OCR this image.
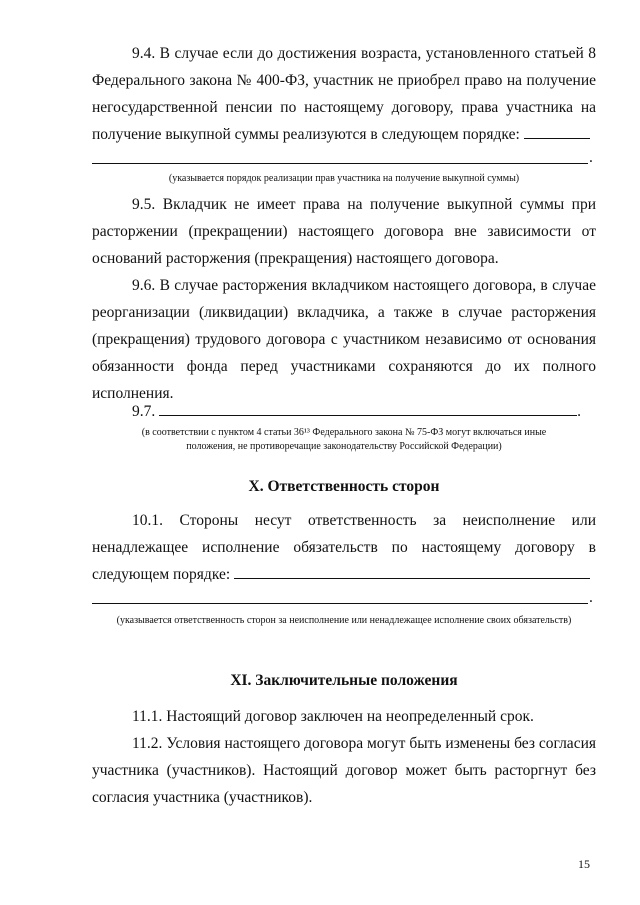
9.4. В случае если до достижения возраста, установленного статьей 8
Федерального закона № 400-ФЗ, участник не приобрел право на получение
негосударственной пенсии по настоящему договору, права участника на
получение выкупной суммы реализуются в следующем порядке:
.

(указывается порядок реализации прав участника на получение выкупной суммы)

9.5. Вкладчик не имеет права на получение выкупной суммы при
расторжении (прекращении) настоящего договора вне зависимости от
оснований расторжения (прекращения) настоящего договора.
9.6. В случае расторжения вкладчиком настоящего договора, в случае
реорганизации (ликвидации) вкладчика, а также в случае расторжения
(прекращения) трудового договора с участником независимо от основания
обязанности фонда перед участниками сохраняются до их полного
исполнения.
9.7.	.

(в соответствии с пунктом 4 статьи 36¹³ Федерального закона № 75-ФЗ могут включаться иные
положения, не противоречащие законодательству Российской Федерации)

X. Ответственность сторон

10.1. Стороны несут ответственность за неисполнение или
ненадлежащее исполнение обязательств по настоящему договору в
следующем порядке:
.

(указывается ответственность сторон за неисполнение или ненадлежащее исполнение своих обязательств)

XI. Заключительные положения

11.1. Настоящий договор заключен на неопределенный срок.
11.2. Условия настоящего договора могут быть изменены без согласия
участника (участников). Настоящий договор может быть расторгнут без
согласия участника (участников).
15
